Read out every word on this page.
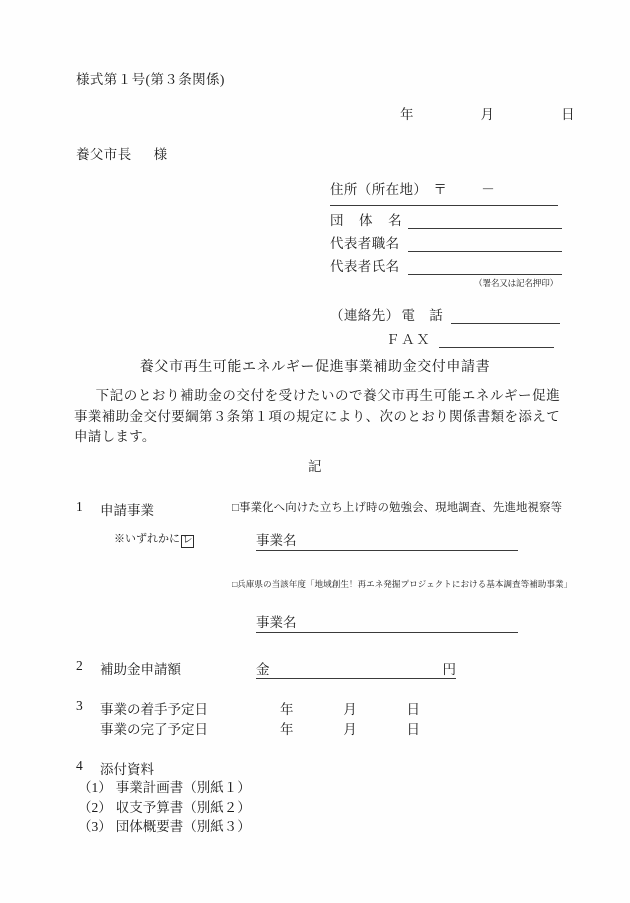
様式第１号(第３条関係)
年	月	日
養父市長 様
住所（所在地） 〒	－
団 体 名
代表者職名
代表者氏名
（署名又は記名押印）
（連絡先） 電　話
ＦＡＸ
養父市再生可能エネルギー促進事業補助金交付申請書
下記のとおり補助金の交付を受けたいので養父市再生可能エネルギー促進事業補助金交付要綱第３条第１項の規定により、次のとおり関係書類を添えて申請します。
記
1 申請事業	□事業化へ向けた立ち上げ時の勉強会、現地調査、先進地視察等
※いずれかに レ	事業名
□兵庫県の当該年度「地域創生！再エネ発掘プロジェクトにおける基本調査等補助事業」
事業名
2 補助金申請額	金	円
3 事業の着手予定日	年	月	日
事業の完了予定日	年	月	日
4 添付資料
（1） 事業計画書（別紙１）
（2） 収支予算書（別紙２）
（3） 団体概要書（別紙３）
